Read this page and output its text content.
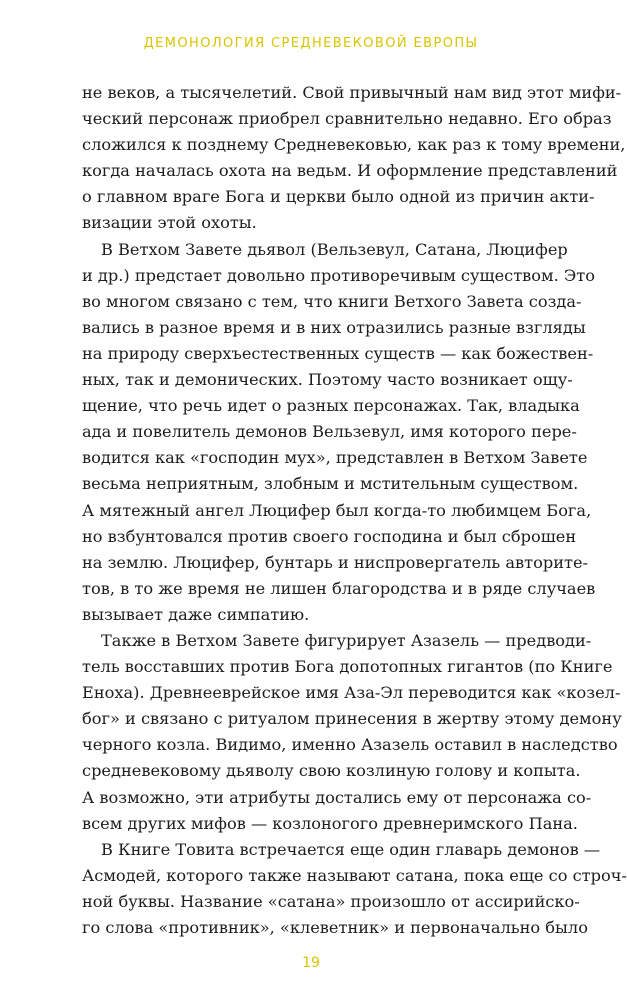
ДЕМОНОЛОГИЯ СРЕДНЕВЕКОВОЙ ЕВРОПЫ
не веков, а тысячелетий. Свой привычный нам вид этот мифи-
ческий персонаж приобрел сравнительно недавно. Его образ
сложился к позднему Средневековью, как раз к тому времени,
когда началась охота на ведьм. И оформление представлений
о главном враге Бога и церкви было одной из причин акти-
визации этой охоты.
В Ветхом Завете дьявол (Вельзевул, Сатана, Люцифер
и др.) предстает довольно противоречивым существом. Это
во многом связано с тем, что книги Ветхого Завета созда-
вались в разное время и в них отразились разные взгляды
на природу сверхъестественных существ — как божествен-
ных, так и демонических. Поэтому часто возникает ощу-
щение, что речь идет о разных персонажах. Так, владыка
ада и повелитель демонов Вельзевул, имя которого пере-
водится как «господин мух», представлен в Ветхом Завете
весьма неприятным, злобным и мстительным существом.
А мятежный ангел Люцифер был когда-то любимцем Бога,
но взбунтовался против своего господина и был сброшен
на землю. Люцифер, бунтарь и ниспровергатель авторите-
тов, в то же время не лишен благородства и в ряде случаев
вызывает даже симпатию.
Также в Ветхом Завете фигурирует Азазель — предводи-
тель восставших против Бога допотопных гигантов (по Книге
Еноха). Древнееврейское имя Аза-Эл переводится как «козел-
бог» и связано с ритуалом принесения в жертву этому демону
черного козла. Видимо, именно Азазель оставил в наследство
средневековому дьяволу свою козлиную голову и копыта.
А возможно, эти атрибуты достались ему от персонажа со-
всем других мифов — козлоногого древнеримского Пана.
В Книге Товита встречается еще один главарь демонов —
Асмодей, которого также называют сатана, пока еще со строч-
ной буквы. Название «сатана» произошло от ассирийско-
го слова «противник», «клеветник» и первоначально было
19
